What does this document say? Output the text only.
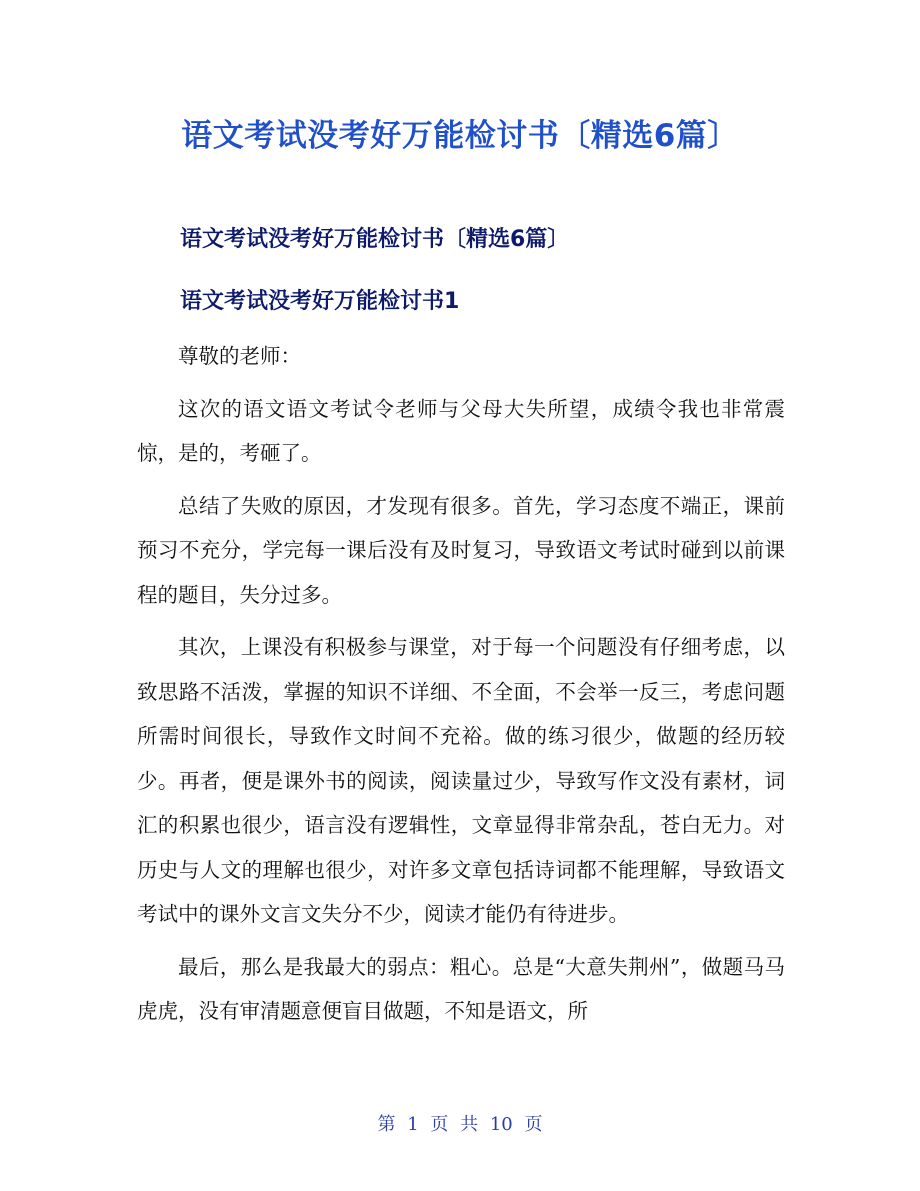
语文考试没考好万能检讨书〔精选6篇〕
语文考试没考好万能检讨书〔精选6篇〕
语文考试没考好万能检讨书1

尊敬的老师：

这次的语文语文考试令老师与父母大失所望，成绩令我也非常震惊，是的，考砸了。

总结了失败的原因，才发现有很多。首先，学习态度不端正，课前预习不充分，学完每一课后没有及时复习，导致语文考试时碰到以前课程的题目，失分过多。

其次，上课没有积极参与课堂，对于每一个问题没有仔细考虑，以致思路不活泼，掌握的知识不详细、不全面，不会举一反三，考虑问题所需时间很长，导致作文时间不充裕。做的练习很少，做题的经历较少。再者，便是课外书的阅读，阅读量过少，导致写作文没有素材，词汇的积累也很少，语言没有逻辑性，文章显得非常杂乱，苍白无力。对历史与人文的理解也很少，对许多文章包括诗词都不能理解，导致语文考试中的课外文言文失分不少，阅读才能仍有待进步。

最后，那么是我最大的弱点：粗心。总是“大意失荆州”，做题马马虎虎，没有审清题意便盲目做题，不知是语文，所

第 1 页 共 10 页
